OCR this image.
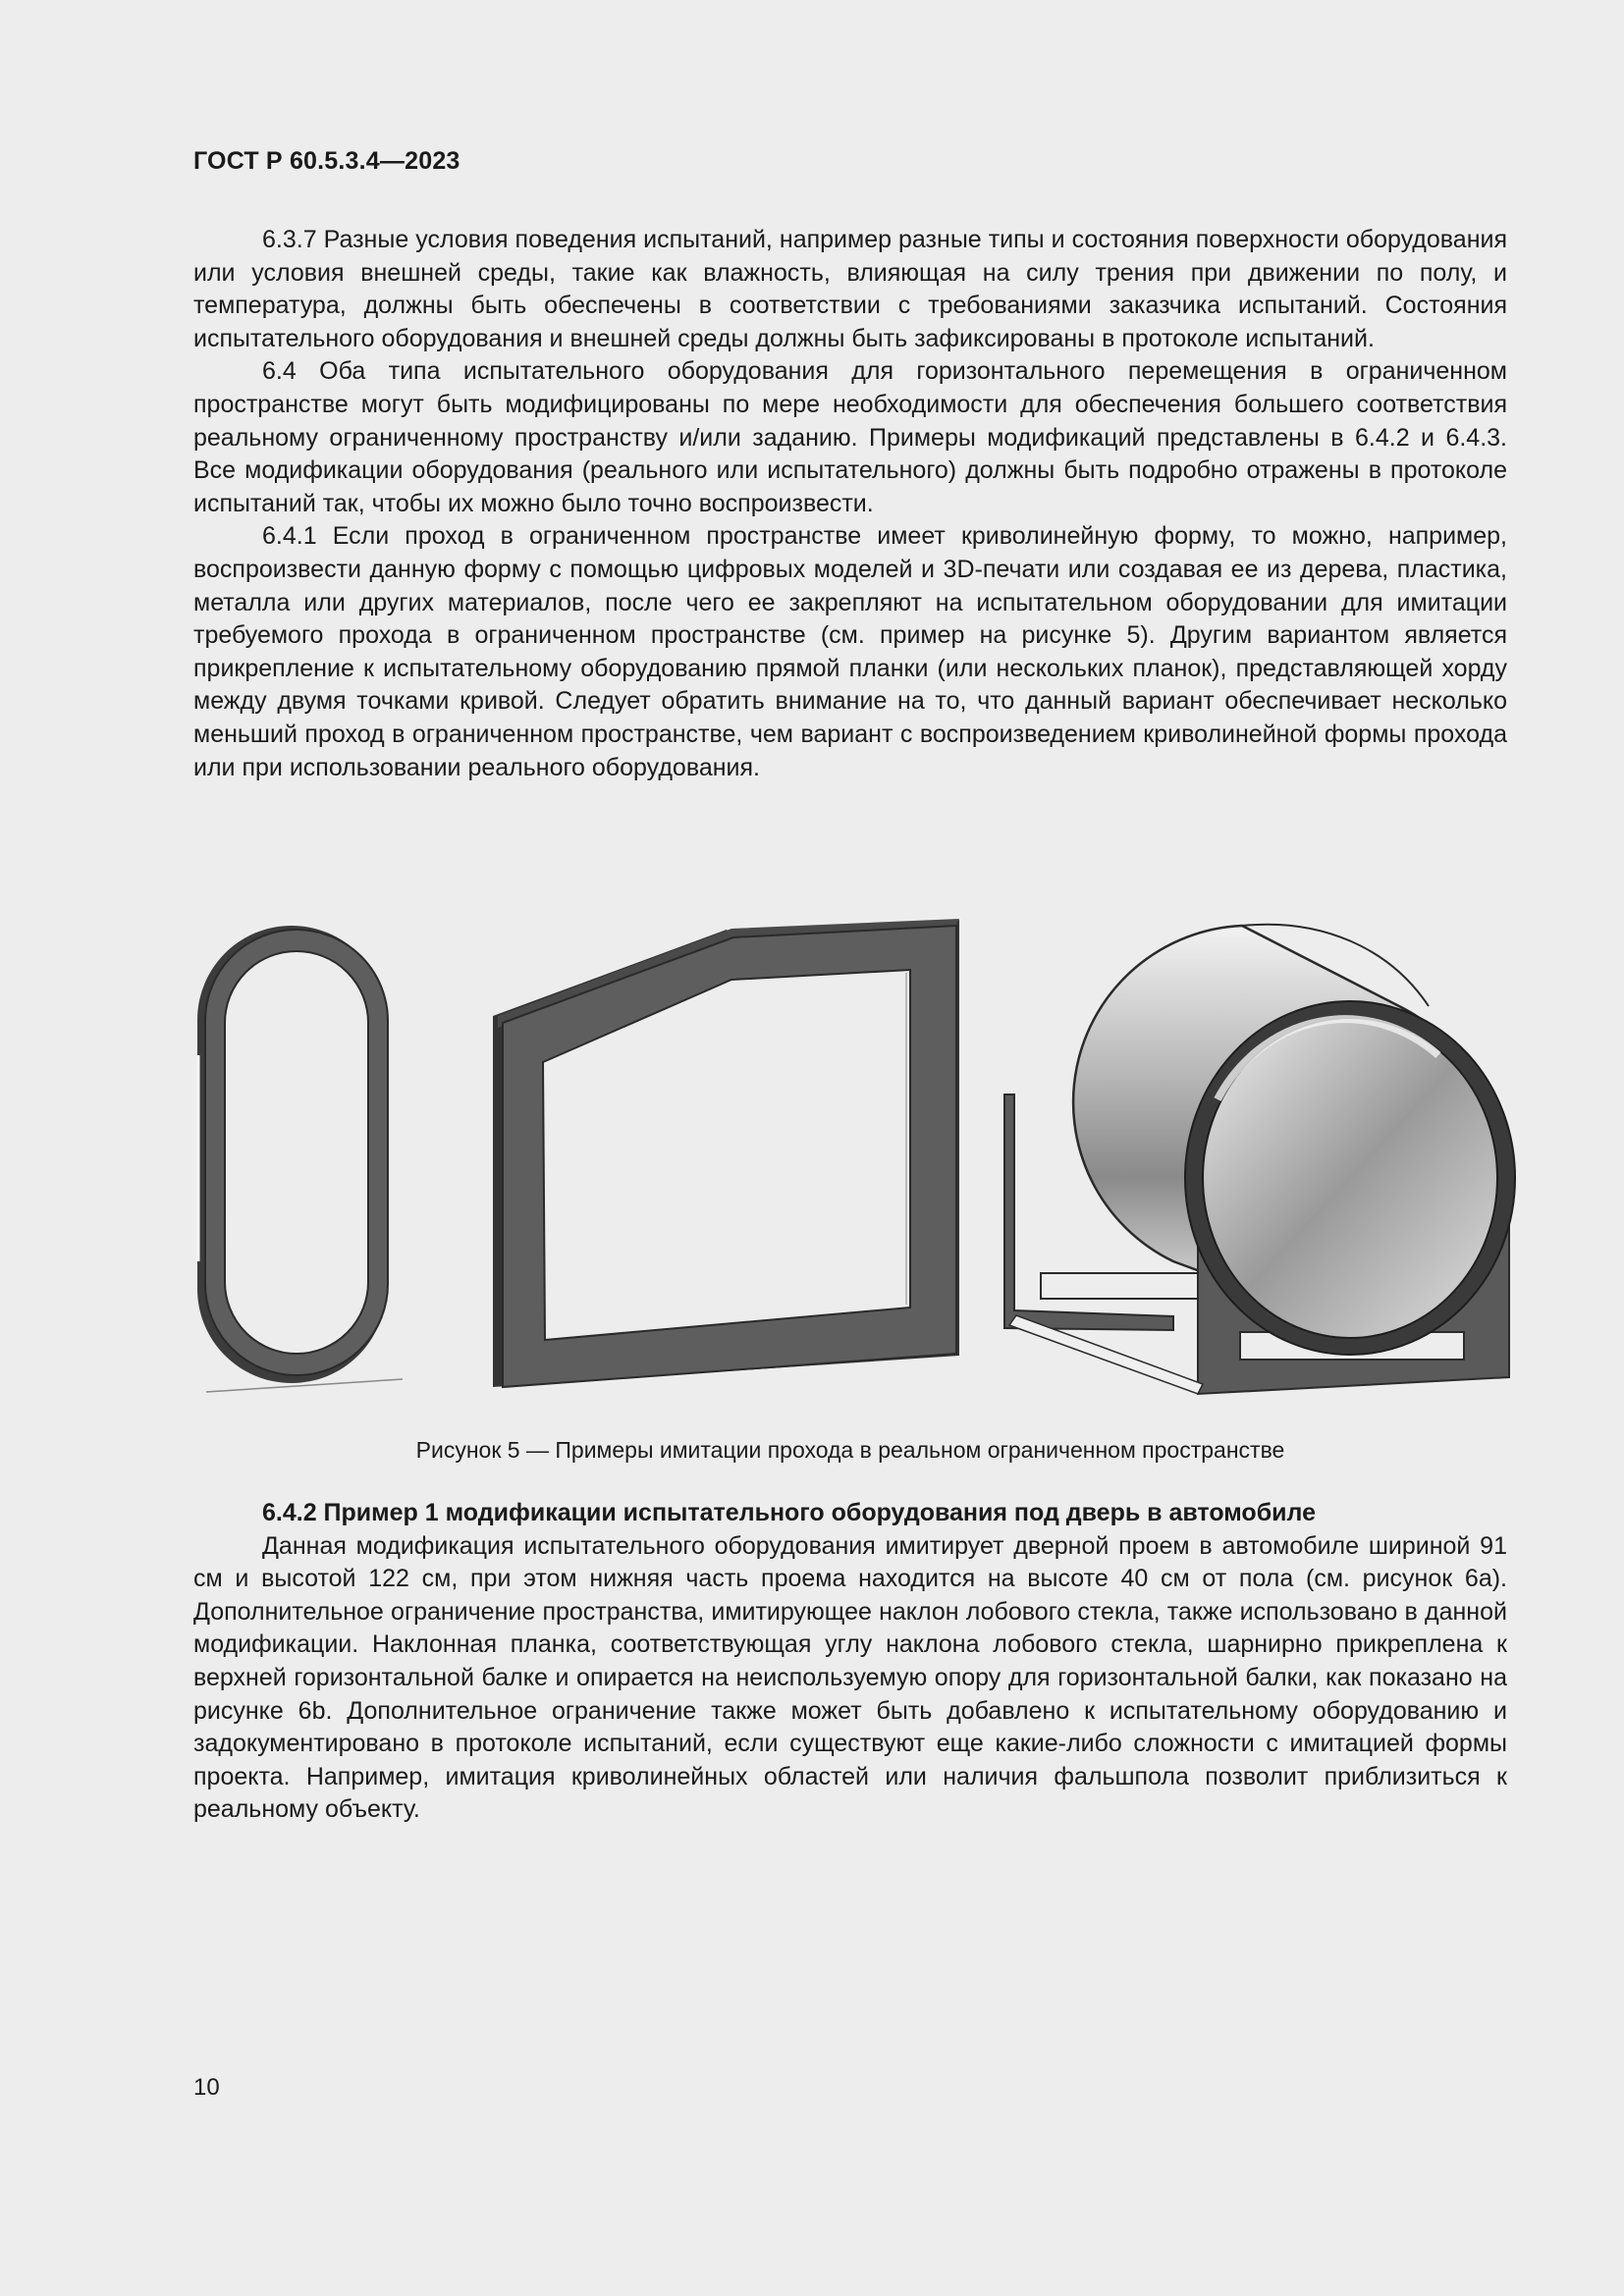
ГОСТ Р 60.5.3.4—2023

6.3.7 Разные условия поведения испытаний, например разные типы и состояния поверхности оборудования или условия внешней среды, такие как влажность, влияющая на силу трения при движении по полу, и температура, должны быть обеспечены в соответствии с требованиями заказчика испытаний. Состояния испытательного оборудования и внешней среды должны быть зафиксированы в протоколе испытаний.

6.4 Оба типа испытательного оборудования для горизонтального перемещения в ограниченном пространстве могут быть модифицированы по мере необходимости для обеспечения большего соответствия реальному ограниченному пространству и/или заданию. Примеры модификаций представлены в 6.4.2 и 6.4.3. Все модификации оборудования (реального или испытательного) должны быть подробно отражены в протоколе испытаний так, чтобы их можно было точно воспроизвести.

6.4.1 Если проход в ограниченном пространстве имеет криволинейную форму, то можно, например, воспроизвести данную форму с помощью цифровых моделей и 3D-печати или создавая ее из дерева, пластика, металла или других материалов, после чего ее закрепляют на испытательном оборудовании для имитации требуемого прохода в ограниченном пространстве (см. пример на рисунке 5). Другим вариантом является прикрепление к испытательному оборудованию прямой планки (или нескольких планок), представляющей хорду между двумя точками кривой. Следует обратить внимание на то, что данный вариант обеспечивает несколько меньший проход в ограниченном пространстве, чем вариант с воспроизведением криволинейной формы прохода или при использовании реального оборудования.

Рисунок 5 — Примеры имитации прохода в реальном ограниченном пространстве

6.4.2 Пример 1 модификации испытательного оборудования под дверь в автомобиле

Данная модификация испытательного оборудования имитирует дверной проем в автомобиле шириной 91 см и высотой 122 см, при этом нижняя часть проема находится на высоте 40 см от пола (см. рисунок 6а). Дополнительное ограничение пространства, имитирующее наклон лобового стекла, также использовано в данной модификации. Наклонная планка, соответствующая углу наклона лобового стекла, шарнирно прикреплена к верхней горизонтальной балке и опирается на неиспользуемую опору для горизонтальной балки, как показано на рисунке 6b. Дополнительное ограничение также может быть добавлено к испытательному оборудованию и задокументировано в протоколе испытаний, если существуют еще какие-либо сложности с имитацией формы проекта. Например, имитация криволинейных областей или наличия фальшпола позволит приблизиться к реальному объекту.

10
